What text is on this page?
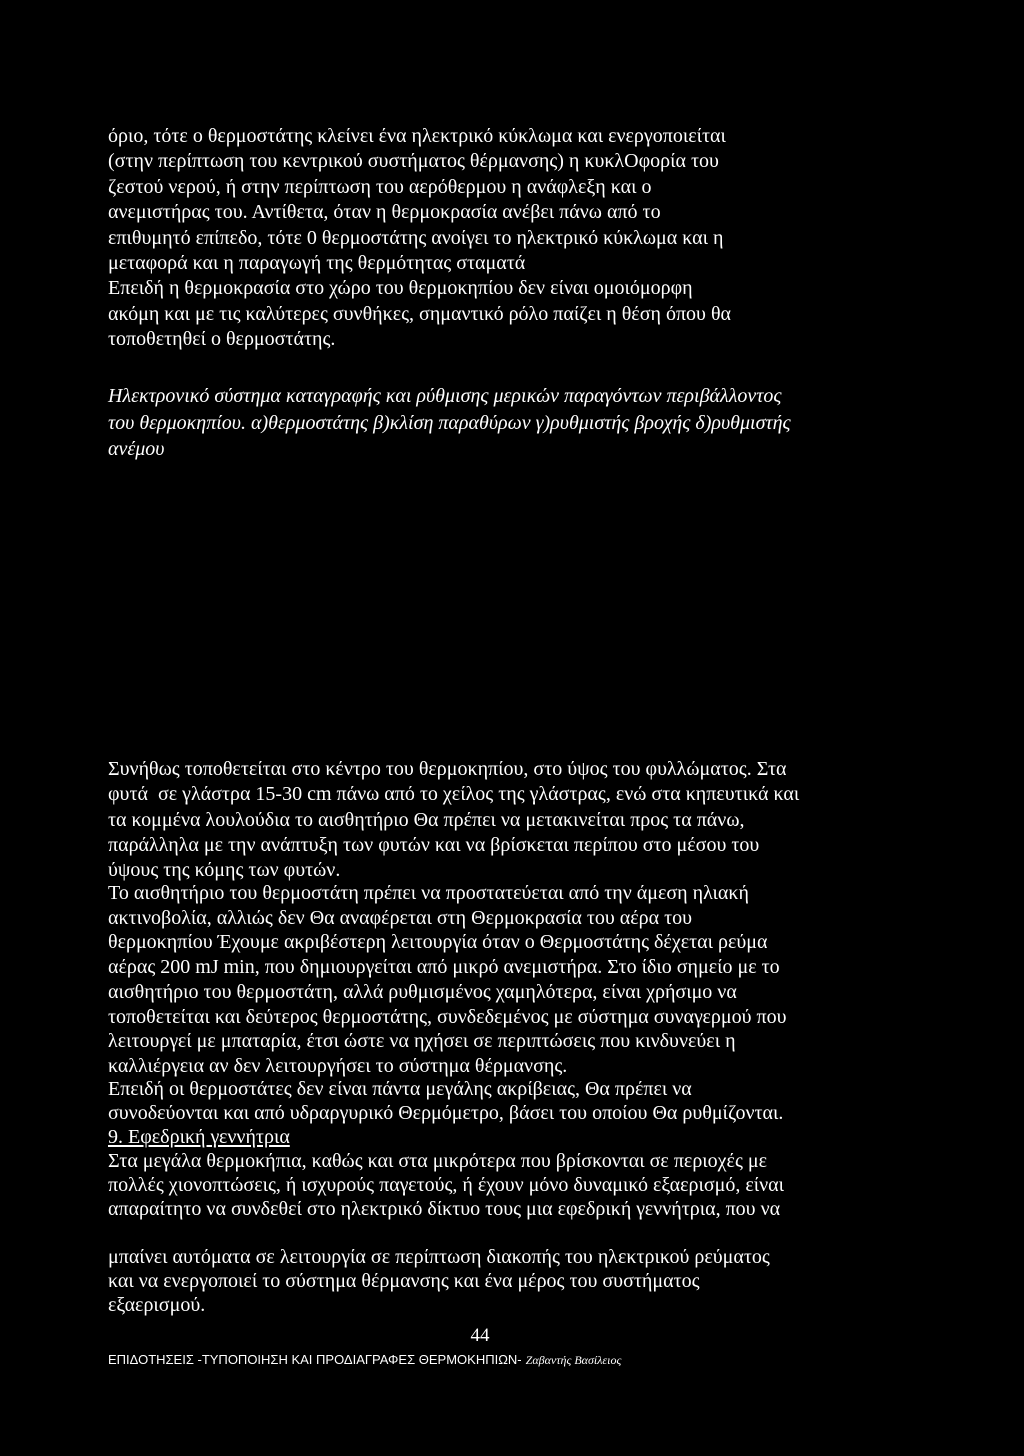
όριο, τότε ο θερμοστάτης κλείνει ένα ηλεκτρικό κύκλωμα και ενεργοποιείται
(στην περίπτωση του κεντρικού συστήματος θέρμανσης) η κυκλΟφορία του
ζεστού νερού, ή στην περίπτωση του αερόθερμου η ανάφλεξη και ο
ανεμιστήρας του. Αντίθετα, όταν η θερμοκρασία ανέβει πάνω από το
επιθυμητό επίπεδο, τότε 0 θερμοστάτης ανοίγει το ηλεκτρικό κύκλωμα και η
μεταφορά και η παραγωγή της θερμότητας σταματά
Επειδή η θερμοκρασία στο χώρο του θερμοκηπίου δεν είναι ομοιόμορφη
ακόμη και με τις καλύτερες συνθήκες, σημαντικό ρόλο παίζει η θέση όπου θα
τοποθετηθεί ο θερμοστάτης.
Ηλεκτρονικό σύστημα καταγραφής και ρύθμισης μερικών παραγόντων περιβάλλοντος
του θερμοκηπίου. α)θερμοστάτης β)κλίση παραθύρων γ)ρυθμιστής βροχής δ)ρυθμιστής
ανέμου
Συνήθως τοποθετείται στο κέντρο του θερμοκηπίου, στο ύψος του φυλλώματος. Στα
φυτά  σε γλάστρα 15-30 cm πάνω από το χείλος της γλάστρας, ενώ στα κηπευτικά και
τα κομμένα λουλούδια το αισθητήριο Θα πρέπει να μετακινείται προς τα πάνω,
παράλληλα με την ανάπτυξη των φυτών και να βρίσκεται περίπου στο μέσου του
ύψους της κόμης των φυτών.
Το αισθητήριο του θερμοστάτη πρέπει να προστατεύεται από την άμεση ηλιακή
ακτινοβολία, αλλιώς δεν Θα αναφέρεται στη Θερμοκρασία του αέρα του
θερμοκηπίου Έχουμε ακριβέστερη λειτουργία όταν ο Θερμοστάτης δέχεται ρεύμα
αέρας 200 mJ min, που δημιουργείται από μικρό ανεμιστήρα. Στο ίδιο σημείο με το
αισθητήριο του θερμοστάτη, αλλά ρυθμισμένος χαμηλότερα, είναι χρήσιμο να
τοποθετείται και δεύτερος θερμοστάτης, συνδεδεμένος με σύστημα συναγερμού που
λειτουργεί με μπαταρία, έτσι ώστε να ηχήσει σε περιπτώσεις που κινδυνεύει η
καλλιέργεια αν δεν λειτουργήσει το σύστημα θέρμανσης.
Επειδή οι θερμοστάτες δεν είναι πάντα μεγάλης ακρίβειας, Θα πρέπει να
συνοδεύονται και από υδραργυρικό Θερμόμετρο, βάσει του οποίου Θα ρυθμίζονται.
9. Εφεδρική γεννήτρια
Στα μεγάλα θερμοκήπια, καθώς και στα μικρότερα που βρίσκονται σε περιοχές με
πολλές χιονοπτώσεις, ή ισχυρούς παγετούς, ή έχουν μόνο δυναμικό εξαερισμό, είναι
απαραίτητο να συνδεθεί στο ηλεκτρικό δίκτυο τους μια εφεδρική γεννήτρια, που να
μπαίνει αυτόματα σε λειτουργία σε περίπτωση διακοπής του ηλεκτρικού ρεύματος
και να ενεργοποιεί το σύστημα θέρμανσης και ένα μέρος του συστήματος
εξαερισμού.
44
ΕΠΙΔΟΤΗΣΕΙΣ -ΤΥΠΟΠΟΙΗΣΗ ΚΑΙ ΠΡΟΔΙΑΓΡΑΦΕΣ ΘΕΡΜΟΚΗΠΙΩΝ- Ζαβαντής Βασίλειος
